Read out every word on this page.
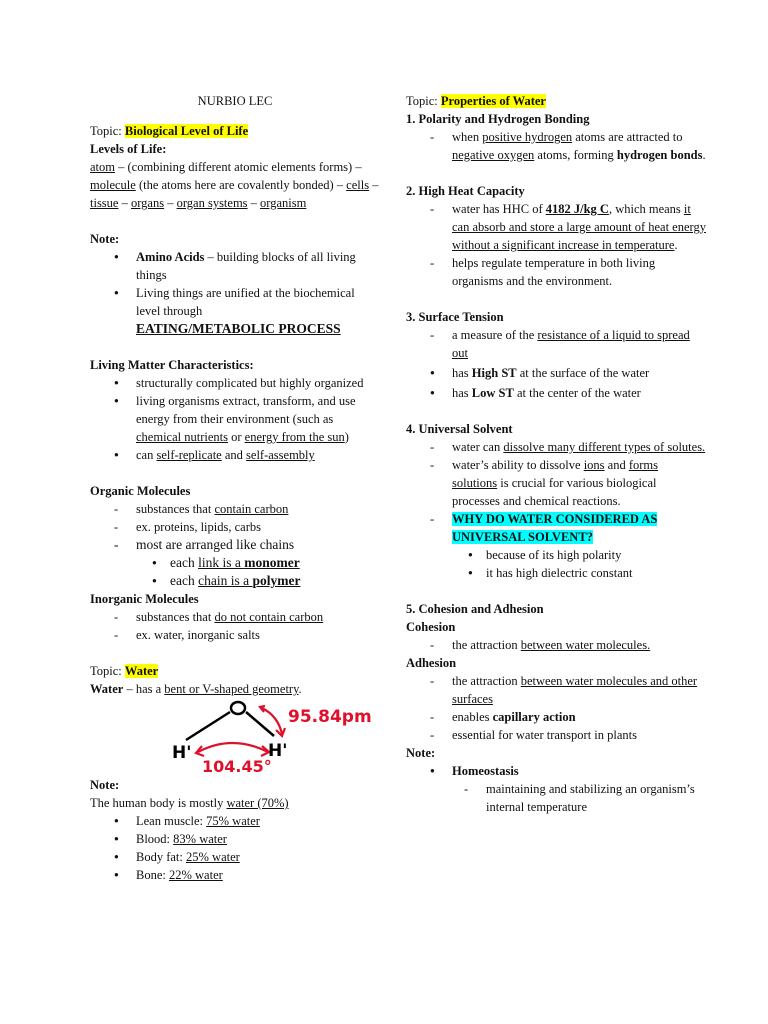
NURBIO LEC

Topic: Biological Level of Life

Levels of Life:

atom – (combining different atomic elements forms) – molecule (the atoms here are covalently bonded) – cells – tissue – organs – organ systems – organism

Note:

● Amino Acids – building blocks of all living things
● Living things are unified at the biochemical level through
EATING/METABOLIC PROCESS

Living Matter Characteristics:

● structurally complicated but highly organized
● living organisms extract, transform, and use energy from their environment (such as chemical nutrients or energy from the sun)
● can self-replicate and self-assembly

Organic Molecules

- substances that contain carbon
- ex. proteins, lipids, carbs
- most are arranged like chains
● each link is a monomer
● each chain is a polymer

Inorganic Molecules

- substances that do not contain carbon
- ex. water, inorganic salts

Topic: Water

Water – has a bent or V-shaped geometry.

H'	H'
95.84pm
104.45°

Note:

The human body is mostly water (70%)

● Lean muscle: 75% water
● Blood: 83% water
● Body fat: 25% water
● Bone: 22% water

Topic: Properties of Water

1. Polarity and Hydrogen Bonding

- when positive hydrogen atoms are attracted to negative oxygen atoms, forming hydrogen bonds.

2. High Heat Capacity

- water has HHC of 4182 J/kg C, which means it can absorb and store a large amount of heat energy without a significant increase in temperature.
- helps regulate temperature in both living organisms and the environment.

3. Surface Tension

- a measure of the resistance of a liquid to spread out
● has High ST at the surface of the water
● has Low ST at the center of the water

4. Universal Solvent

- water can dissolve many different types of solutes.
- water’s ability to dissolve ions and forms solutions is crucial for various biological processes and chemical reactions.
- WHY DO WATER CONSIDERED AS UNIVERSAL SOLVENT?
● because of its high polarity
● it has high dielectric constant

5. Cohesion and Adhesion

Cohesion

- the attraction between water molecules.

Adhesion

- the attraction between water molecules and other surfaces
- enables capillary action
- essential for water transport in plants

Note:

● Homeostasis
- maintaining and stabilizing an organism’s internal temperature
